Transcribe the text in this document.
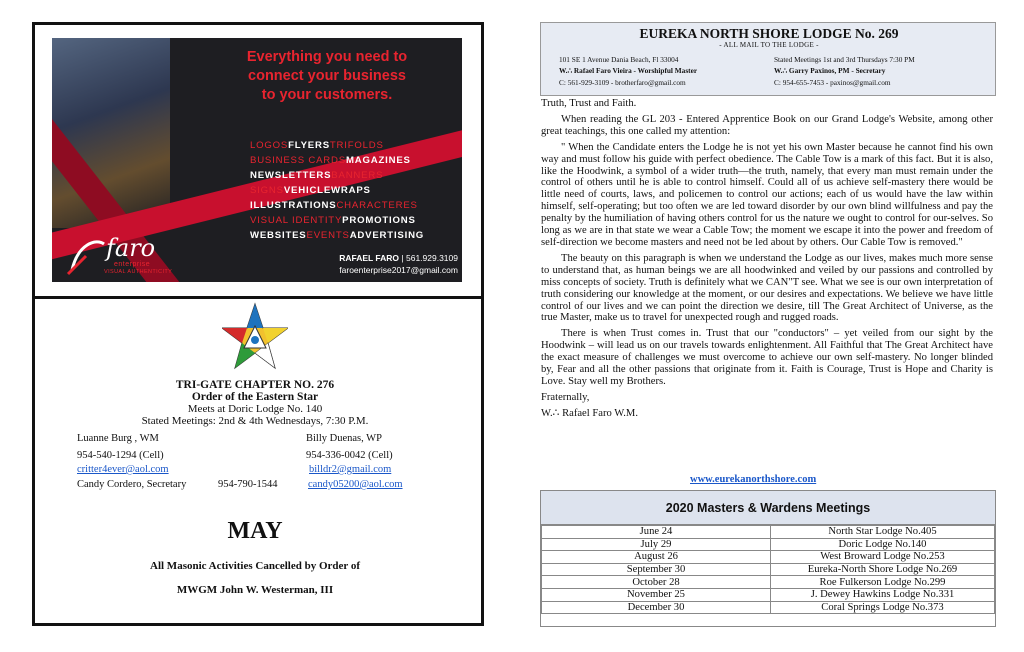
Everything you need to
connect your business
to your customers.
LOGOSFLYERSTRIFOLDS
BUSINESS CARDSMAGAZINES
NEWSLETTERSBANNERS
SIGNSVEHICLEWRAPS
ILLUSTRATIONSCHARACTERES
VISUAL IDENTITYPROMOTIONS
WEBSITESEVENTSADVERTISING
faro
enterprise
VISUAL AUTHENTICITY
RAFAEL FARO | 561.929.3109
faroenterprise2017@gmail.com
TRI-GATE CHAPTER NO. 276
Order of the Eastern Star
Meets at Doric Lodge No. 140
Stated Meetings: 2nd & 4th Wednesdays, 7:30 P.M.
Luanne Burg , WM	Billy Duenas, WP
954-540-1294 (Cell)	954-336-0042 (Cell)
critter4ever@aol.com	billdr2@gmail.com
Candy Cordero, Secretary	954-790-1544	candy05200@aol.com
MAY
All Masonic Activities Cancelled by Order of
MWGM John W. Westerman, III
EUREKA NORTH SHORE LODGE No. 269
- ALL MAIL TO THE LODGE -
101 SE 1 Avenue Dania Beach, Fl 33004	Stated Meetings 1st and 3rd Thursdays 7:30 PM
W.∴ Rafael Faro Vieira - Worshipful Master	W.∴ Garry Paxinos, PM - Secretary
C: 561-929-3109 - brotherfaro@gmail.com	C: 954-655-7453 - paxinos@gmail.com

Truth, Trust and Faith.

When reading the GL 203 - Entered Apprentice Book on our Grand Lodge's Website, among other great teachings, this one called my attention:

" When the Candidate enters the Lodge he is not yet his own Master because he cannot find his own way and must follow his guide with perfect obedience. The Cable Tow is a mark of this fact. But it is also, like the Hoodwink, a symbol of a wider truth—the truth, namely, that every man must remain under the control of others until he is able to control himself. Could all of us achieve self-mastery there would be little need of courts, laws, and policemen to control our actions; each of us would have the law within himself, self-operating; but too often we are led toward disorder by our own blind willfulness and pay the penalty by the humiliation of having others control for us the nature we ought to control for our-selves. So long as we are in that state we wear a Cable Tow; the moment we escape it into the power and freedom of self-direction we become masters and need not be led about by others. Our Cable Tow is removed."

The beauty on this paragraph is when we understand the Lodge as our lives, makes much more sense to understand that, as human beings we are all hoodwinked and veiled by our passions and controlled by miss concepts of society. Truth is definitely what we CAN"T see. What we see is our own interpretation of truth considering our knowledge at the moment, or our desires and expectations. We believe we have little control of our lives and we can point the direction we desire, till The Great Architect of Universe, as the true Master, make us to travel for unexpected rough and rugged roads.

There is when Trust comes in. Trust that our "conductors" – yet veiled from our sight by the Hoodwink – will lead us on our travels towards enlightenment. All Faithful that The Great Architect have the exact measure of challenges we must overcome to achieve our own self-mastery. No longer blinded by, Fear and all the other passions that originate from it. Faith is Courage, Trust is Hope and Charity is Love. Stay well my Brothers.

Fraternally,

W.∴ Rafael Faro W.M.

www.eurekanorthshore.com
2020 Masters & Wardens Meetings
June 24	North Star Lodge No.405
July 29	Doric Lodge No.140
August 26	West Broward Lodge No.253
September 30	Eureka-North Shore Lodge No.269
October 28	Roe Fulkerson Lodge No.299
November 25	J. Dewey Hawkins Lodge No.331
December 30	Coral Springs Lodge No.373
